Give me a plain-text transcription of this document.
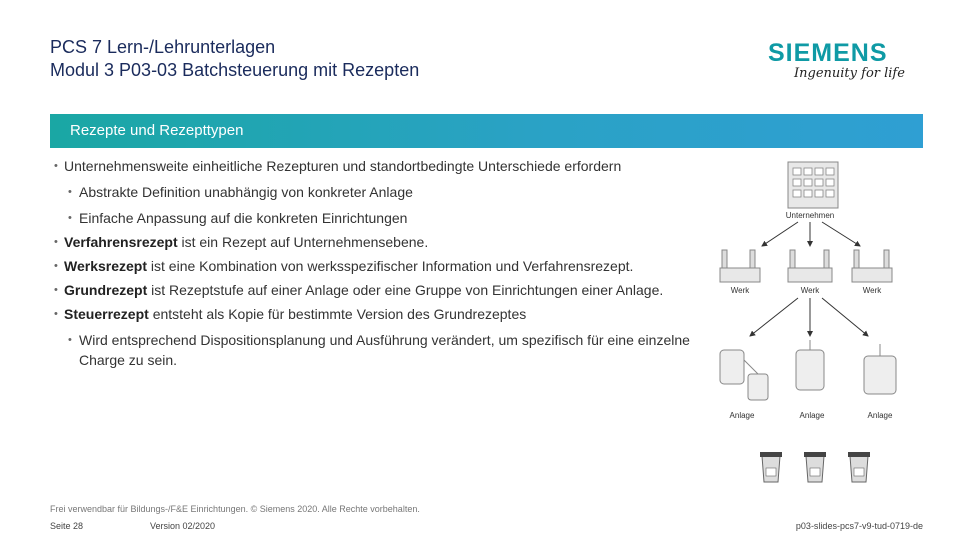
PCS 7 Lern-/Lehrunterlagen
Modul 3 P03-03 Batchsteuerung mit Rezepten
SIEMENS
Ingenuity for life
Rezepte und Rezepttypen
• Unternehmensweite einheitliche Rezepturen und standortbedingte Unterschiede erfordern
• Abstrakte Definition unabhängig von konkreter Anlage
• Einfache Anpassung auf die konkreten Einrichtungen
• Verfahrensrezept ist ein Rezept auf Unternehmensebene.
• Werksrezept ist eine Kombination von werksspezifischer Information und Verfahrensrezept.
• Grundrezept ist Rezeptstufe auf einer Anlage oder eine Gruppe von Einrichtungen einer Anlage.
• Steuerrezept entsteht als Kopie für bestimmte Version des Grundrezeptes
• Wird entsprechend Dispositionsplanung und Ausführung verändert, um spezifisch für eine einzelne Charge zu sein.
Unternehmen
Werk	Werk	Werk
Anlage	Anlage	Anlage
Frei verwendbar für Bildungs-/F&E Einrichtungen. © Siemens 2020. Alle Rechte vorbehalten.
Seite 28	Version 02/2020	p03-slides-pcs7-v9-tud-0719-de
